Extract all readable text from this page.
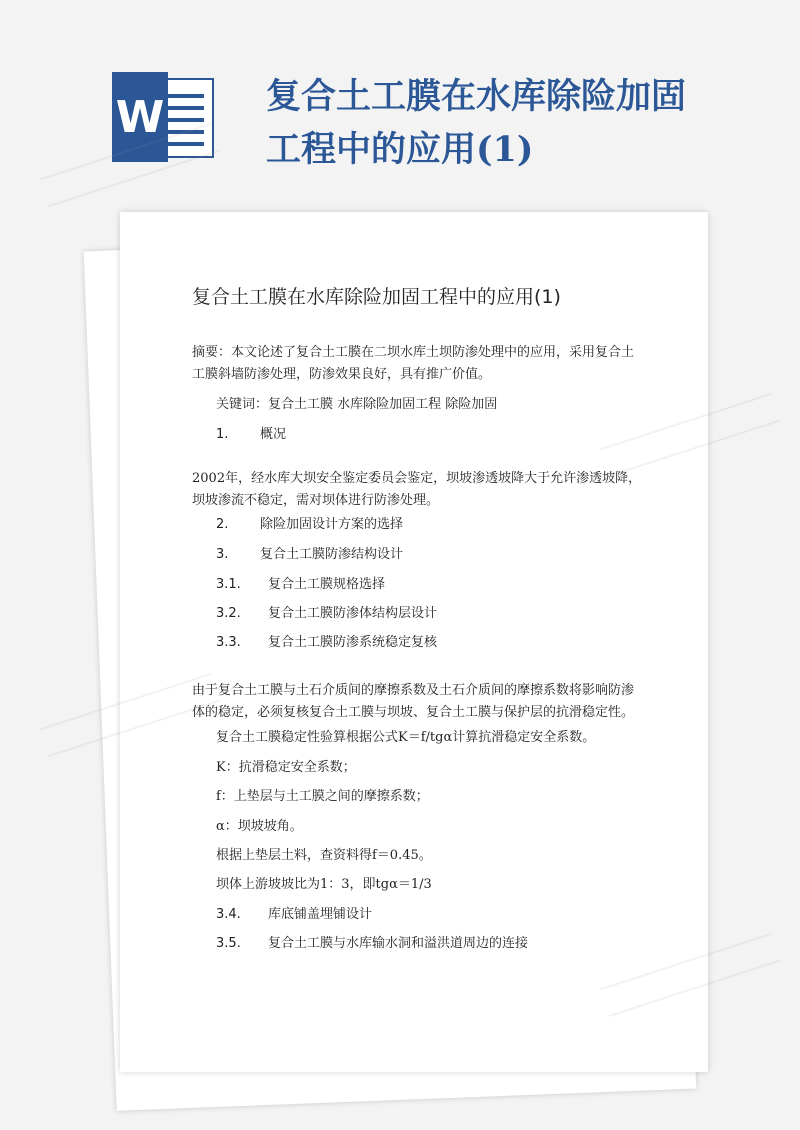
W	复合土工膜在水库除险加固工程中的应用(1)
复合土工膜在水库除险加固工程中的应用(1)

摘要：本文论述了复合土工膜在二坝水库土坝防渗处理中的应用，采用复合土工膜斜墙防渗处理，防渗效果良好，具有推广价值。

关键词：复合土工膜 水库除险加固工程 除险加固

1. 概况

2002年，经水库大坝安全鉴定委员会鉴定，坝坡渗透坡降大于允许渗透坡降，坝坡渗流不稳定，需对坝体进行防渗处理。

2. 除险加固设计方案的选择

3. 复合土工膜防渗结构设计

3.1. 复合土工膜规格选择

3.2. 复合土工膜防渗体结构层设计

3.3. 复合土工膜防渗系统稳定复核

由于复合土工膜与土石介质间的摩擦系数及土石介质间的摩擦系数将影响防渗体的稳定，必须复核复合土工膜与坝坡、复合土工膜与保护层的抗滑稳定性。

复合土工膜稳定性验算根据公式K＝f/tgα计算抗滑稳定安全系数。

K：抗滑稳定安全系数；

f：上垫层与土工膜之间的摩擦系数；

α：坝坡坡角。

根据上垫层土料，查资料得f＝0.45。

坝体上游坡坡比为1：3，即tgα＝1/3

3.4. 库底铺盖埋铺设计

3.5. 复合土工膜与水库输水洞和溢洪道周边的连接
